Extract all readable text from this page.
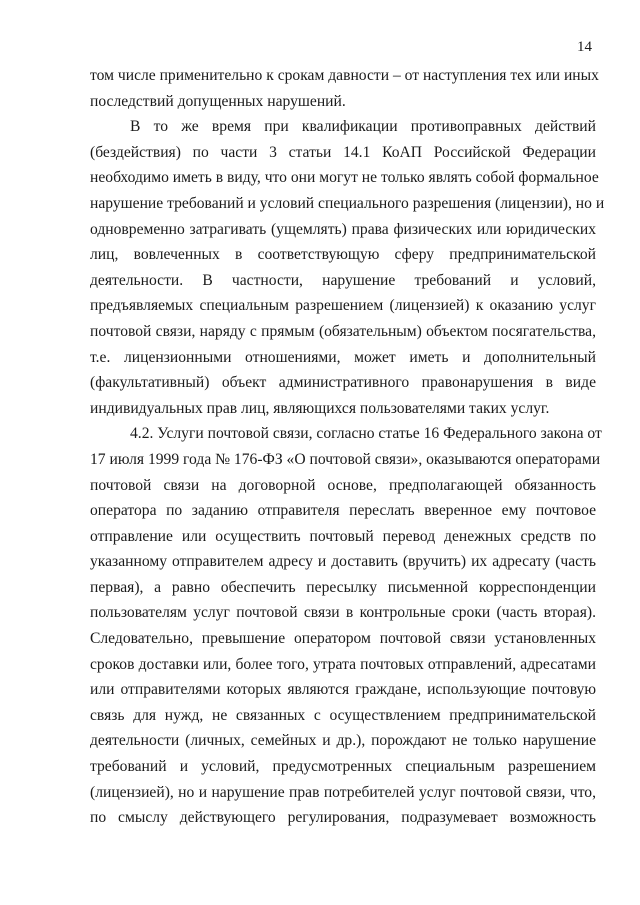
14
том числе применительно к срокам давности – от наступления тех или иных
последствий допущенных нарушений.
В то же время при квалификации противоправных действий
(бездействия) по части 3 статьи 14.1 КоАП Российской Федерации
необходимо иметь в виду, что они могут не только являть собой формальное
нарушение требований и условий специального разрешения (лицензии), но и
одновременно затрагивать (ущемлять) права физических или юридических
лиц, вовлеченных в соответствующую сферу предпринимательской
деятельности. В частности, нарушение требований и условий,
предъявляемых специальным разрешением (лицензией) к оказанию услуг
почтовой связи, наряду с прямым (обязательным) объектом посягательства,
т.е. лицензионными отношениями, может иметь и дополнительный
(факультативный) объект административного правонарушения в виде
индивидуальных прав лиц, являющихся пользователями таких услуг.
4.2. Услуги почтовой связи, согласно статье 16 Федерального закона от
17 июля 1999 года № 176-ФЗ «О почтовой связи», оказываются операторами
почтовой связи на договорной основе, предполагающей обязанность
оператора по заданию отправителя переслать вверенное ему почтовое
отправление или осуществить почтовый перевод денежных средств по
указанному отправителем адресу и доставить (вручить) их адресату (часть
первая), а равно обеспечить пересылку письменной корреспонденции
пользователям услуг почтовой связи в контрольные сроки (часть вторая).
Следовательно, превышение оператором почтовой связи установленных
сроков доставки или, более того, утрата почтовых отправлений, адресатами
или отправителями которых являются граждане, использующие почтовую
связь для нужд, не связанных с осуществлением предпринимательской
деятельности (личных, семейных и др.), порождают не только нарушение
требований и условий, предусмотренных специальным разрешением
(лицензией), но и нарушение прав потребителей услуг почтовой связи, что,
по смыслу действующего регулирования, подразумевает возможность
